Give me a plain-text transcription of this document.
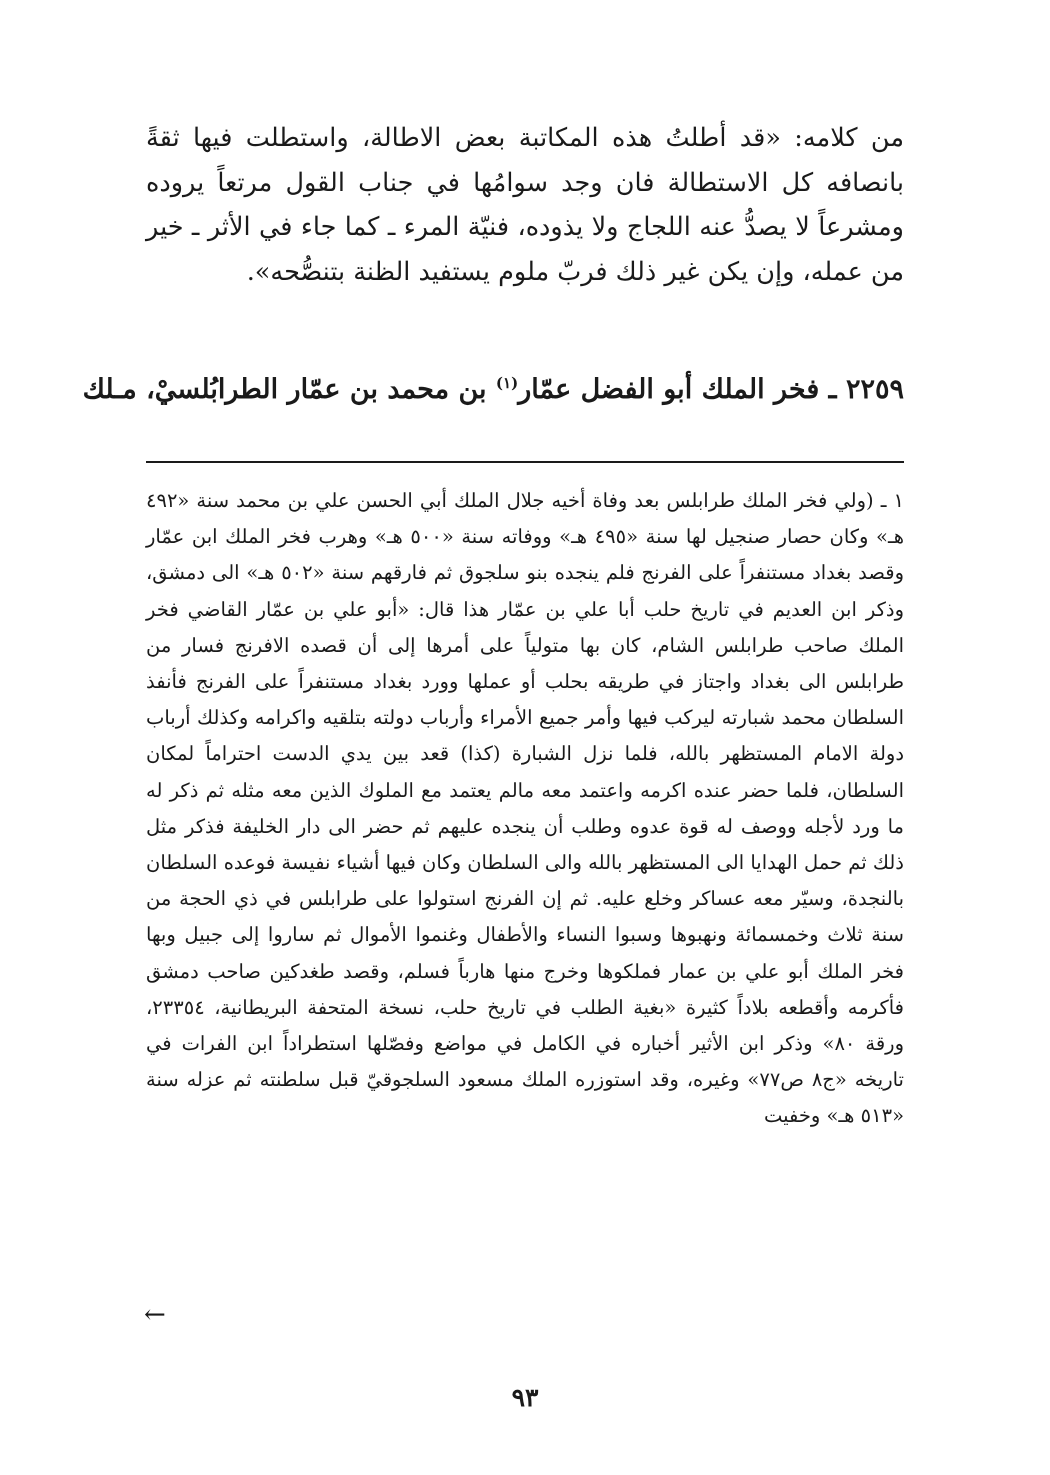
من كلامه: «قد أطلتُ هذه المكاتبة بعض الاطالة، واستطلت فيها ثقةً بانصافه كل الاستطالة فان وجد سوامُها في جناب القول مرتعاً يروده ومشرعاً لا يصدُّ عنه اللجاج ولا يذوده، فنيّة المرء ـ كما جاء في الأثر ـ خير من عمله، وإن يكن غير ذلك فربّ ملوم يستفيد الظنة بتنصُّحه».

٢٢٥٩ ـ فخر الملك أبو الفضل عمّار$^{(١)}$ بن محمد بن عمّار الطرابُلسيْ، مـلك

١ ـ (ولي فخر الملك طرابلس بعد وفاة أخيه جلال الملك أبي الحسن علي بن محمد سنة «٤٩٢ هـ» وكان حصار صنجيل لها سنة «٤٩٥ هـ» ووفاته سنة «٥٠٠ هـ» وهرب فخر الملك ابن عمّار وقصد بغداد مستنفراً على الفرنج فلم ينجده بنو سلجوق ثم فارقهم سنة «٥٠٢ هـ» الى دمشق، وذكر ابن العديم في تاريخ حلب أبا علي بن عمّار هذا قال: «أبو علي بن عمّار القاضي فخر الملك صاحب طرابلس الشام، كان بها متولياً على أمرها إلى أن قصده الافرنج فسار من طرابلس الى بغداد واجتاز في طريقه بحلب أو عملها وورد بغداد مستنفراً على الفرنج فأنفذ السلطان محمد شبارته ليركب فيها وأمر جميع الأمراء وأرباب دولته بتلقيه واكرامه وكذلك أرباب دولة الامام المستظهر بالله، فلما نزل الشبارة (كذا) قعد بين يدي الدست احتراماً لمكان السلطان، فلما حضر عنده اكرمه واعتمد معه مالم يعتمد مع الملوك الذين معه مثله ثم ذكر له ما ورد لأجله ووصف له قوة عدوه وطلب أن ينجده عليهم ثم حضر الى دار الخليفة فذكر مثل ذلك ثم حمل الهدايا الى المستظهر بالله والى السلطان وكان فيها أشياء نفيسة فوعده السلطان بالنجدة، وسيّر معه عساكر وخلع عليه. ثم إن الفرنج استولوا على طرابلس في ذي الحجة من سنة ثلاث وخمسمائة ونهبوها وسبوا النساء والأطفال وغنموا الأموال ثم ساروا إلى جبيل وبها فخر الملك أبو علي بن عمار فملكوها وخرج منها هارباً فسلم، وقصد طغدكين صاحب دمشق فأكرمه وأقطعه بلاداً كثيرة «بغية الطلب في تاريخ حلب، نسخة المتحفة البريطانية، ٢٣٣٥٤، ورقة ٨٠» وذكر ابن الأثير أخباره في الكامل في مواضع وفصّلها استطراداً ابن الفرات في تاريخه «ج٨ ص٧٧» وغيره، وقد استوزره الملك مسعود السلجوقيّ قبل سلطنته ثم عزله سنة «٥١٣ هـ» وخفيت

←
٩٣
